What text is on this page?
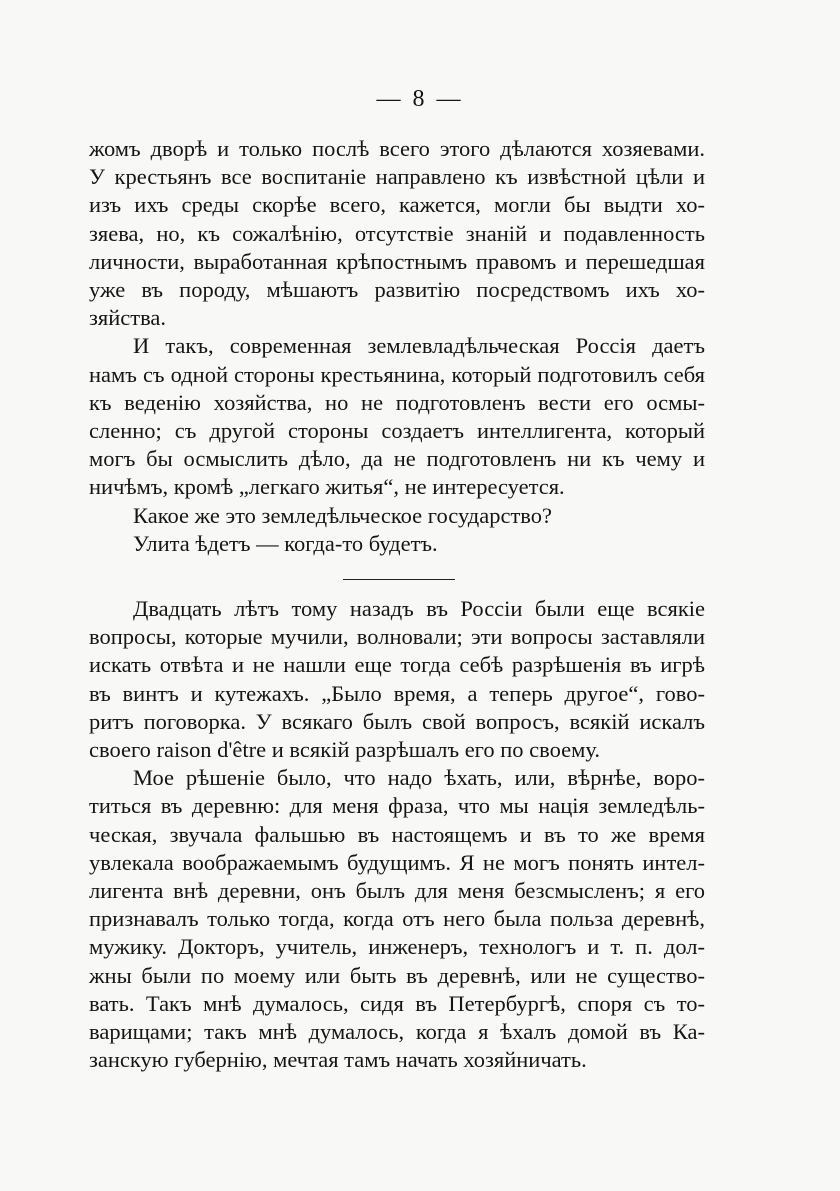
— 8 —
жомъ дворѣ и только послѣ всего этого дѣлаются хозяевами.
У крестьянъ все воспитаніе направлено къ извѣстной цѣли и
изъ ихъ среды скорѣе всего, кажется, могли бы выдти хо-
зяева, но, къ сожалѣнію, отсутствіе знаній и подавленность
личности, выработанная крѣпостнымъ правомъ и перешедшая
уже въ породу, мѣшаютъ развитію посредствомъ ихъ хо-
зяйства.
И такъ, современная землевладѣльческая Россія даетъ
намъ съ одной стороны крестьянина, который подготовилъ себя
къ веденію хозяйства, но не подготовленъ вести его осмы-
сленно; съ другой стороны создаетъ интеллигента, который
могъ бы осмыслить дѣло, да не подготовленъ ни къ чему и
ничѣмъ, кромѣ „легкаго житья“, не интересуется.
Какое же это земледѣльческое государство?
Улита ѣдетъ — когда-то будетъ.
Двадцать лѣтъ тому назадъ въ Россіи были еще всякіе
вопросы, которые мучили, волновали; эти вопросы заставляли
искать отвѣта и не нашли еще тогда себѣ разрѣшенія въ игрѣ
въ винтъ и кутежахъ. „Было время, а теперь другое“, гово-
ритъ поговорка. У всякаго былъ свой вопросъ, всякій искалъ
своего raison d'être и всякій разрѣшалъ его по своему.
Мое рѣшеніе было, что надо ѣхать, или, вѣрнѣе, воро-
титься въ деревню: для меня фраза, что мы нація земледѣль-
ческая, звучала фальшью въ настоящемъ и въ то же время
увлекала воображаемымъ будущимъ. Я не могъ понять интел-
лигента внѣ деревни, онъ былъ для меня безсмысленъ; я его
признавалъ только тогда, когда отъ него была польза деревнѣ,
мужику. Докторъ, учитель, инженеръ, технологъ и т. п. дол-
жны были по моему или быть въ деревнѣ, или не существо-
вать. Такъ мнѣ думалось, сидя въ Петербургѣ, споря съ то-
варищами; такъ мнѣ думалось, когда я ѣхалъ домой въ Ка-
занскую губернію, мечтая тамъ начать хозяйничать.
